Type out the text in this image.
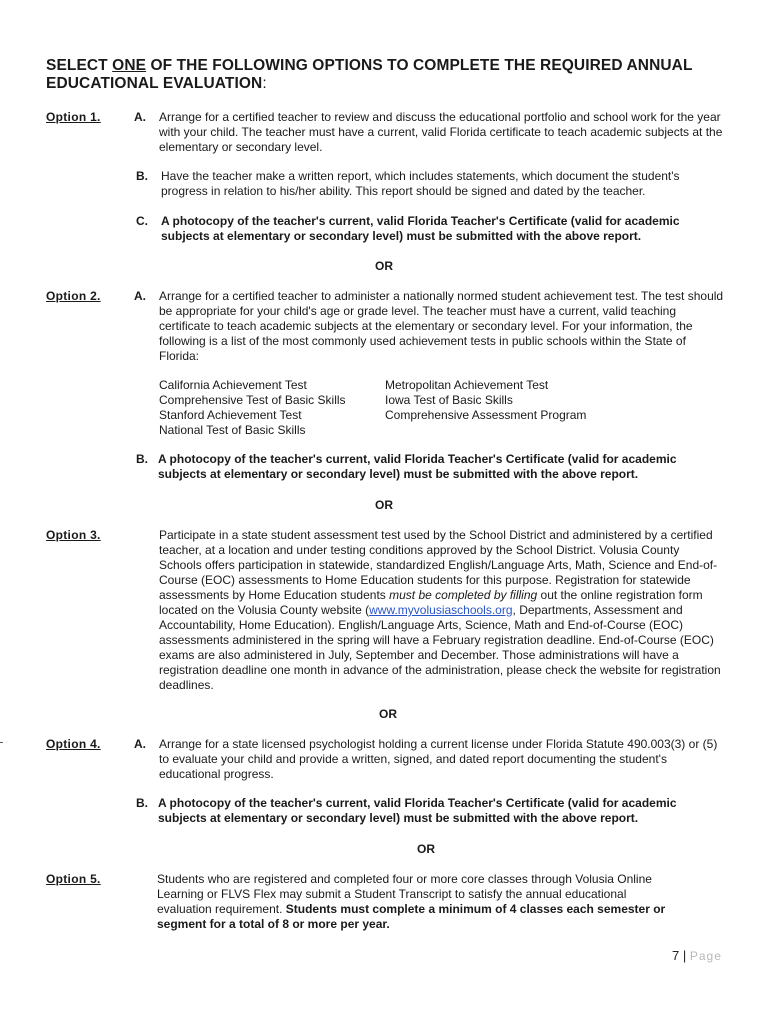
SELECT ONE OF THE FOLLOWING OPTIONS TO COMPLETE THE REQUIRED ANNUAL
EDUCATIONAL EVALUATION:
Option 1.	A. Arrange for a certified teacher to review and discuss the educational portfolio and school work for the year with your child. The teacher must have a current, valid Florida certificate to teach academic subjects at the elementary or secondary level.
B. Have the teacher make a written report, which includes statements, which document the student's progress in relation to his/her ability. This report should be signed and dated by the teacher.
C. A photocopy of the teacher's current, valid Florida Teacher's Certificate (valid for academic subjects at elementary or secondary level) must be submitted with the above report.
OR
Option 2.	A. Arrange for a certified teacher to administer a nationally normed student achievement test. The test should be appropriate for your child's age or grade level. The teacher must have a current, valid teaching certificate to teach academic subjects at the elementary or secondary level. For your information, the following is a list of the most commonly used achievement tests in public schools within the State of Florida:
California Achievement Test	Metropolitan Achievement Test
Comprehensive Test of Basic Skills	Iowa Test of Basic Skills
Stanford Achievement Test	Comprehensive Assessment Program
National Test of Basic Skills
B. A photocopy of the teacher's current, valid Florida Teacher's Certificate (valid for academic subjects at elementary or secondary level) must be submitted with the above report.
OR
Option 3.	Participate in a state student assessment test used by the School District and administered by a certified teacher, at a location and under testing conditions approved by the School District. Volusia County Schools offers participation in statewide, standardized English/Language Arts, Math, Science and End-of-Course (EOC) assessments to Home Education students for this purpose. Registration for statewide assessments by Home Education students must be completed by filling out the online registration form located on the Volusia County website (www.myvolusiaschools.org, Departments, Assessment and Accountability, Home Education). English/Language Arts, Science, Math and End-of-Course (EOC) assessments administered in the spring will have a February registration deadline. End-of-Course (EOC) exams are also administered in July, September and December. Those administrations will have a registration deadline one month in advance of the administration, please check the website for registration deadlines.
OR
Option 4.	A. Arrange for a state licensed psychologist holding a current license under Florida Statute 490.003(3) or (5) to evaluate your child and provide a written, signed, and dated report documenting the student's educational progress.
B. A photocopy of the teacher's current, valid Florida Teacher's Certificate (valid for academic subjects at elementary or secondary level) must be submitted with the above report.
OR
Option 5.	Students who are registered and completed four or more core classes through Volusia Online Learning or FLVS Flex may submit a Student Transcript to satisfy the annual educational evaluation requirement. Students must complete a minimum of 4 classes each semester or segment for a total of 8 or more per year.
7 | Page
